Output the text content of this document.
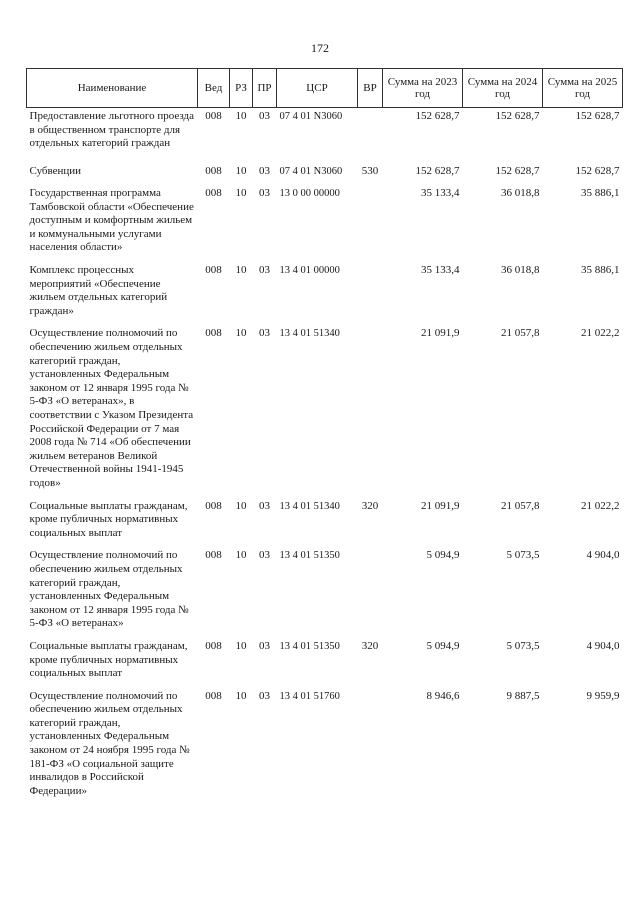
172
Наименование	Вед	РЗ	ПР	ЦСР	ВР	Сумма на 2023 год	Сумма на 2024 год	Сумма на 2025 год
Предоставление льготного проезда в общественном транспорте для отдельных категорий граждан	008	10	03	07 4 01 N3060		152 628,7	152 628,7	152 628,7
Субвенции	008	10	03	07 4 01 N3060	530	152 628,7	152 628,7	152 628,7
Государственная программа Тамбовской области «Обеспечение доступным и комфортным жильем и коммунальными услугами населения области»	008	10	03	13 0 00 00000		35 133,4	36 018,8	35 886,1
Комплекс процессных мероприятий «Обеспечение жильем отдельных категорий граждан»	008	10	03	13 4 01 00000		35 133,4	36 018,8	35 886,1
Осуществление полномочий по обеспечению жильем отдельных категорий граждан, установленных Федеральным законом от 12 января 1995 года № 5-ФЗ «О ветеранах», в соответствии с Указом Президента Российской Федерации от 7 мая 2008 года № 714 «Об обеспечении жильем ветеранов Великой Отечественной войны 1941-1945 годов»	008	10	03	13 4 01 51340		21 091,9	21 057,8	21 022,2
Социальные выплаты гражданам, кроме публичных нормативных социальных выплат	008	10	03	13 4 01 51340	320	21 091,9	21 057,8	21 022,2
Осуществление полномочий по обеспечению жильем отдельных категорий граждан, установленных Федеральным законом от 12 января 1995 года № 5-ФЗ «О ветеранах»	008	10	03	13 4 01 51350		5 094,9	5 073,5	4 904,0
Социальные выплаты гражданам, кроме публичных нормативных социальных выплат	008	10	03	13 4 01 51350	320	5 094,9	5 073,5	4 904,0
Осуществление полномочий по обеспечению жильем отдельных категорий граждан, установленных Федеральным законом от 24 ноября 1995 года № 181-ФЗ «О социальной защите инвалидов в Российской Федерации»	008	10	03	13 4 01 51760		8 946,6	9 887,5	9 959,9
